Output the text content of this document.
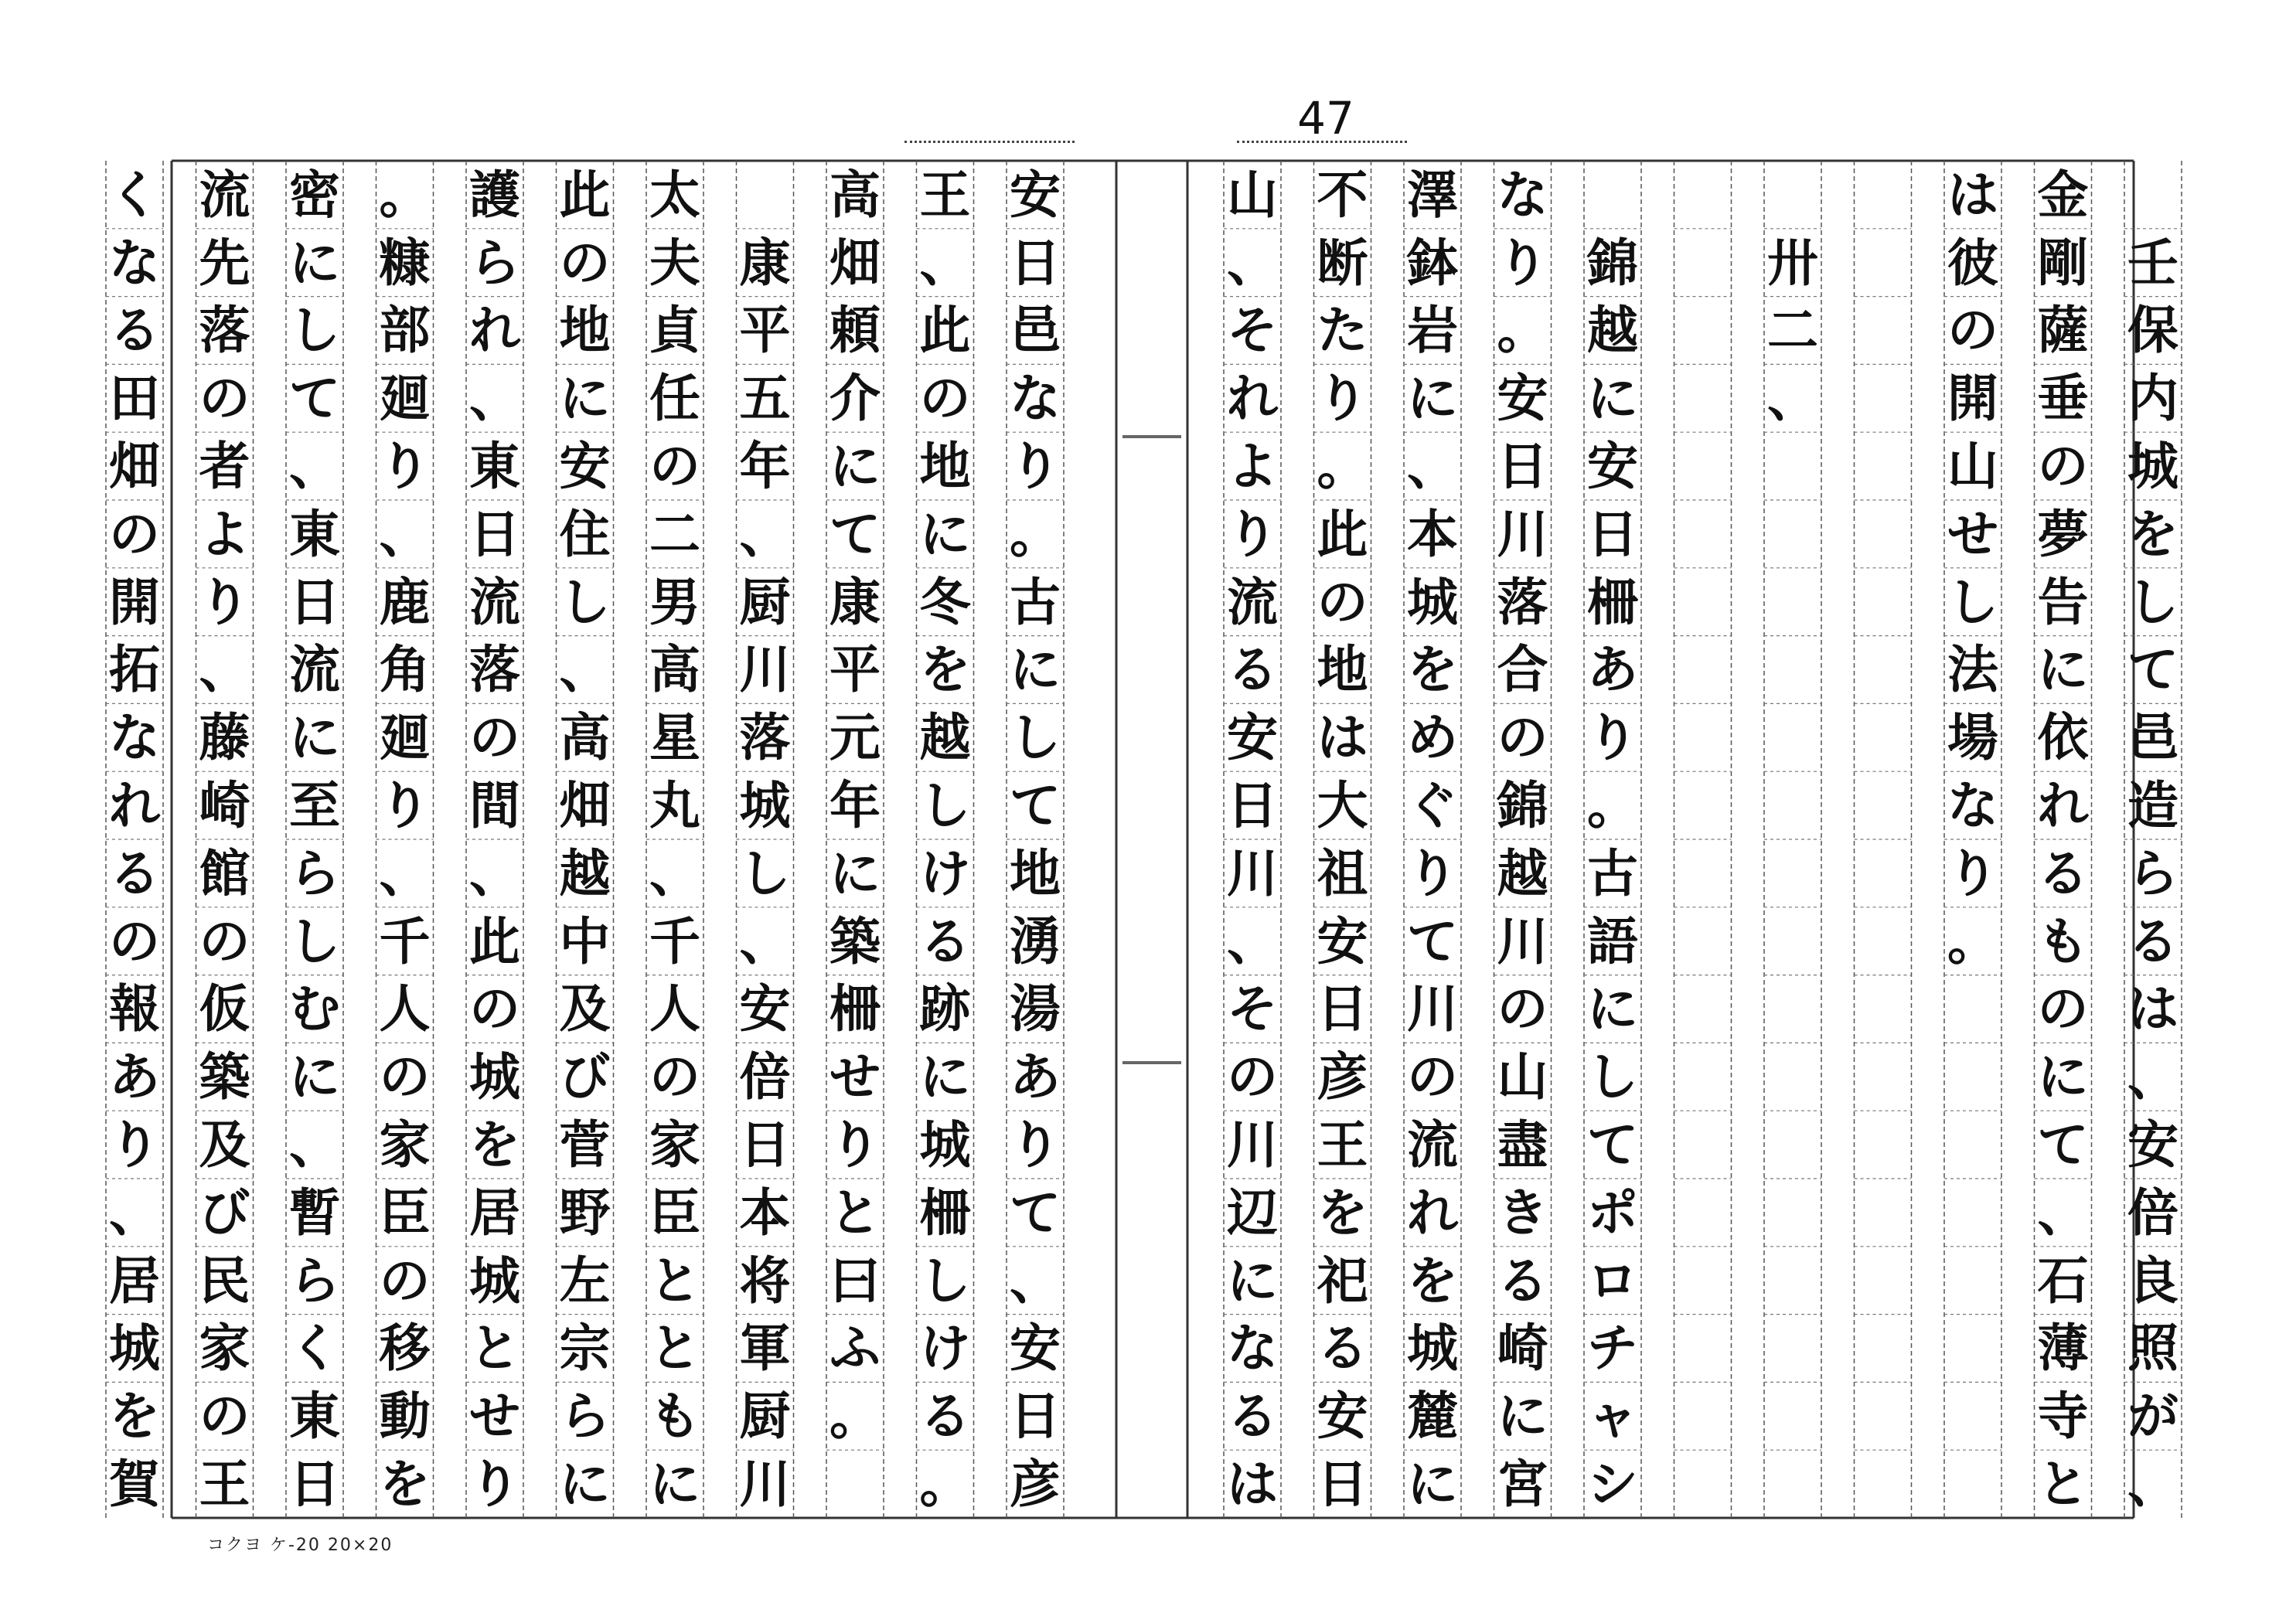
47

壬
保
内
城
を
し
て
邑
造
ら
る
は
、
安
倍
良
照
が
、
金
剛
薩
垂
の
夢
告
に
依
れ
る
も
の
に
て
、
石
薄
寺
と
は
彼
の
開
山
せ
し
法
場
な
り
。

卅
二
、

錦
越
に
安
日
柵
あ
り
。
古
語
に
し
て
ポ
ロ
チ
ャ
シ
な
り
。
安
日
川
落
合
の
錦
越
川
の
山
盡
き
る
崎
に
宮
澤
鉢
岩
に
、
本
城
を
め
ぐ
り
て
川
の
流
れ
を
城
麓
に
不
断
た
り
。
此
の
地
は
大
祖
安
日
彦
王
を
祀
る
安
日
山
、
そ
れ
よ
り
流
る
安
日
川
、
そ
の
川
辺
に
な
る
は
安
日
邑
な
り
。
古
に
し
て
地
湧
湯
あ
り
て
、
安
日
彦
王
、
此
の
地
に
冬
を
越
し
け
る
跡
に
城
柵
し
け
る
。
高
畑
頼
介
に
て
康
平
元
年
に
築
柵
せ
り
と
曰
ふ
。

康
平
五
年
、
厨
川
落
城
し
、
安
倍
日
本
将
軍
厨
川
太
夫
貞
任
の
二
男
高
星
丸
、
千
人
の
家
臣
と
と
も
に
此
の
地
に
安
住
し
、
高
畑
越
中
及
び
菅
野
左
宗
ら
に
護
ら
れ
、
東
日
流
落
の
間
、
此
の
城
を
居
城
と
せ
り
。
糠
部
廻
り
、
鹿
角
廻
り
、
千
人
の
家
臣
の
移
動
を
密
に
し
て
、
東
日
流
に
至
ら
し
む
に
、
暫
ら
く
東
日
流
先
落
の
者
よ
り
、
藤
崎
館
の
仮
築
及
び
民
家
の
王
く
な
る
田
畑
の
開
拓
な
れ
る
の
報
あ
り
、
居
城
を
賀
コクヨ ケ-20 20×20
